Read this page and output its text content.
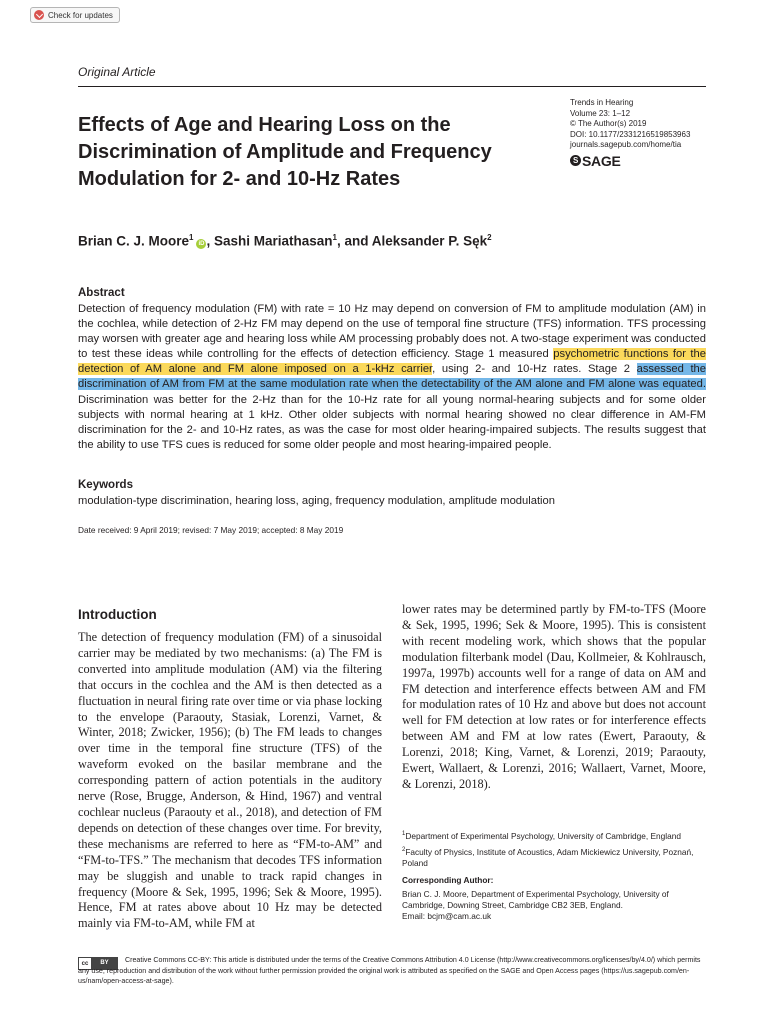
Check for updates
Original Article
Effects of Age and Hearing Loss on the Discrimination of Amplitude and Frequency Modulation for 2- and 10-Hz Rates
Trends in Hearing
Volume 23: 1–12
© The Author(s) 2019
DOI: 10.1177/2331216519853963
journals.sagepub.com/home/tia
S SAGE
Brian C. J. Moore$^1$iD , Sashi Mariathasan$^1$, and Aleksander P. Sęk$^2$
Abstract

Detection of frequency modulation (FM) with rate = 10 Hz may depend on conversion of FM to amplitude modulation (AM) in the cochlea, while detection of 2-Hz FM may depend on the use of temporal fine structure (TFS) information. TFS processing may worsen with greater age and hearing loss while AM processing probably does not. A two-stage experiment was conducted to test these ideas while controlling for the effects of detection efficiency. Stage 1 measured psychometric functions for the detection of AM alone and FM alone imposed on a 1-kHz carrier, using 2- and 10-Hz rates. Stage 2 assessed the discrimination of AM from FM at the same modulation rate when the detectability of the AM alone and FM alone was equated. Discrimination was better for the 2-Hz than for the 10-Hz rate for all young normal-hearing subjects and for some older subjects with normal hearing at 1 kHz. Other older subjects with normal hearing showed no clear difference in AM-FM discrimination for the 2- and 10-Hz rates, as was the case for most older hearing-impaired subjects. The results suggest that the ability to use TFS cues is reduced for some older people and most hearing-impaired people.

Keywords

modulation-type discrimination, hearing loss, aging, frequency modulation, amplitude modulation

Date received: 9 April 2019; revised: 7 May 2019; accepted: 8 May 2019

Introduction

The detection of frequency modulation (FM) of a sinusoidal carrier may be mediated by two mechanisms: (a) The FM is converted into amplitude modulation (AM) via the filtering that occurs in the cochlea and the AM is then detected as a fluctuation in neural firing rate over time or via phase locking to the envelope (Paraouty, Stasiak, Lorenzi, Varnet, & Winter, 2018; Zwicker, 1956); (b) The FM leads to changes over time in the temporal fine structure (TFS) of the waveform evoked on the basilar membrane and the corresponding pattern of action potentials in the auditory nerve (Rose, Brugge, Anderson, & Hind, 1967) and ventral cochlear nucleus (Paraouty et al., 2018), and detection of FM depends on detection of these changes over time. For brevity, these mechanisms are referred to here as “FM-to-AM” and “FM-to-TFS.” The mechanism that decodes TFS information may be sluggish and unable to track rapid changes in frequency (Moore & Sek, 1995, 1996; Sek & Moore, 1995). Hence, FM at rates above about 10 Hz may be detected mainly via FM-to-AM, while FM at

lower rates may be determined partly by FM-to-TFS (Moore & Sek, 1995, 1996; Sek & Moore, 1995). This is consistent with recent modeling work, which shows that the popular modulation filterbank model (Dau, Kollmeier, & Kohlrausch, 1997a, 1997b) accounts well for a range of data on AM and FM detection and interference effects between AM and FM for modulation rates of 10 Hz and above but does not account well for FM detection at low rates or for interference effects between AM and FM at low rates (Ewert, Paraouty, & Lorenzi, 2018; King, Varnet, & Lorenzi, 2019; Paraouty, Ewert, Wallaert, & Lorenzi, 2016; Wallaert, Varnet, Moore, & Lorenzi, 2018).

$^1$Department of Experimental Psychology, University of Cambridge, England

$^2$Faculty of Physics, Institute of Acoustics, Adam Mickiewicz University, Poznań, Poland

Corresponding Author:

Brian C. J. Moore, Department of Experimental Psychology, University of Cambridge, Downing Street, Cambridge CB2 3EB, England.
Email: bcjm@cam.ac.uk

cc	BY	Creative Commons CC-BY: This article is distributed under the terms of the Creative Commons Attribution 4.0 License (http://www.creativecommons.org/licenses/by/4.0/) which permits any use, reproduction and distribution of the work without further permission provided the original work is attributed as specified on the SAGE and Open Access pages (https://us.sagepub.com/en-us/nam/open-access-at-sage).
